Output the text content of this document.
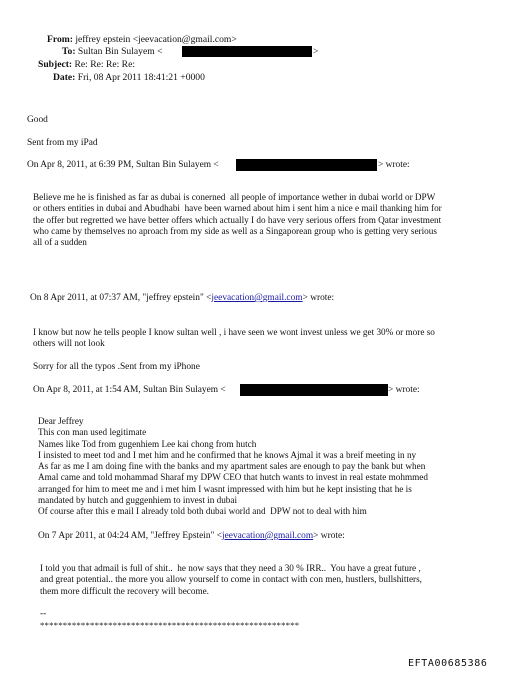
From: jeffrey epstein <jeevacation@gmail.com>
To: Sultan Bin Sulayem <	>
Subject: Re: Re: Re: Re:
Date: Fri, 08 Apr 2011 18:41:21 +0000
Good
Sent from my iPad
On Apr 8, 2011, at 6:39 PM, Sultan Bin Sulayem <	> wrote:
Believe me he is finished as far as dubai is conerned  all people of importance wether in dubai world or DPW
or others entities in dubai and Abudhabi  have been warned about him i sent him a nice e mail thanking him for
the offer but regretted we have better offers which actually I do have very serious offers from Qatar investment
who came by themselves no aproach from my side as well as a Singaporean group who is getting very serious
all of a sudden
On 8 Apr 2011, at 07:37 AM, "jeffrey epstein" <jeevacation@gmail.com> wrote:
I know but now he tells people I know sultan well , i have seen we wont invest unless we get 30% or more so
others will not look
Sorry for all the typos .Sent from my iPhone
On Apr 8, 2011, at 1:54 AM, Sultan Bin Sulayem <	> wrote:
Dear Jeffrey
This con man used legitimate
Names like Tod from gugenhiem Lee kai chong from hutch
I insisted to meet tod and I met him and he confirmed that he knows Ajmal it was a breif meeting in ny
As far as me I am doing fine with the banks and my apartment sales are enough to pay the bank but when
Amal came and told mohammad Sharaf my DPW CEO that hutch wants to invest in real estate mohmmed
arranged for him to meet me and i met him I wasnt impressed with him but he kept insisting that he is
mandated by hutch and guggenhiem to invest in dubai
Of course after this e mail I already told both dubai world and  DPW not to deal with him
On 7 Apr 2011, at 04:24 AM, "Jeffrey Epstein" <jeevacation@gmail.com> wrote:
I told you that admail is full of shit..  he now says that they need a 30 % IRR..  You have a great future ,
and great potential.. the more you allow yourself to come in contact with con men, hustlers, bullshitters,
them more difficult the recovery will become.
--
*********************************************************
EFTA00685386
